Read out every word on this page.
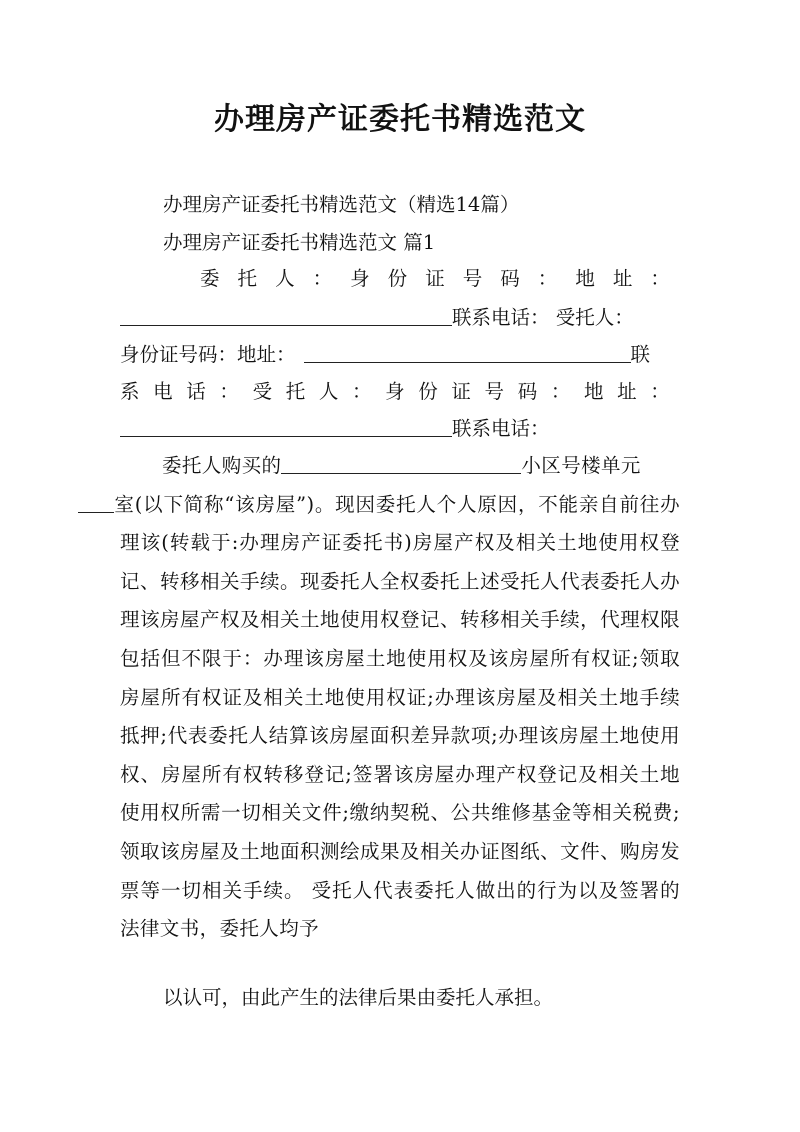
办理房产证委托书精选范文
办理房产证委托书精选范文（精选14篇）
办理房产证委托书精选范文 篇1
委 托 人 ： 身 份 证 号 码 ： 地 址 ：
联系电话： 受托人：
身份证号码：地址：	联
系 电 话 ： 受 托 人 ： 身 份 证 号 码 ： 地 址 ：
联系电话：
委托人购买的	小区号楼单元
室(以下简称“该房屋”)。现因委托人个人原因，不能亲自前往办理该(转载于:办理房产证委托书)房屋产权及相关土地使用权登记、转移相关手续。现委托人全权委托上述受托人代表委托人办理该房屋产权及相关土地使用权登记、转移相关手续，代理权限包括但不限于：办理该房屋土地使用权及该房屋所有权证;领取房屋所有权证及相关土地使用权证;办理该房屋及相关土地手续抵押;代表委托人结算该房屋面积差异款项;办理该房屋土地使用权、房屋所有权转移登记;签署该房屋办理产权登记及相关土地使用权所需一切相关文件;缴纳契税、公共维修基金等相关税费;领取该房屋及土地面积测绘成果及相关办证图纸、文件、购房发票等一切相关手续。 受托人代表委托人做出的行为以及签署的法律文书，委托人均予
以认可，由此产生的法律后果由委托人承担。
